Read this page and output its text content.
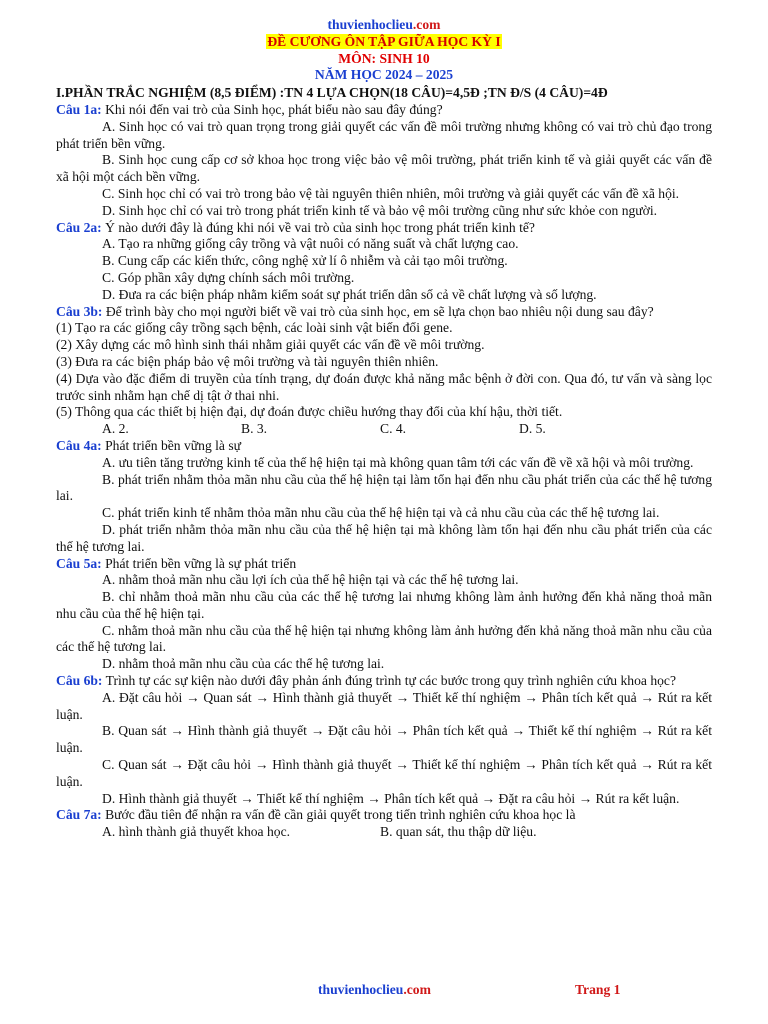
thuvienhoclieu.com
ĐỀ CƯƠNG ÔN TẬP GIỮA HỌC KỲ I
MÔN: SINH 10
NĂM HỌC 2024 – 2025
I.PHẦN TRẮC NGHIỆM (8,5 ĐIỂM) :TN 4 LỰA CHỌN(18 CÂU)=4,5Đ ;TN Đ/S (4 CÂU)=4Đ

Câu 1a: Khi nói đến vai trò của Sinh học, phát biểu nào sau đây đúng?

A. Sinh học có vai trò quan trọng trong giải quyết các vấn đề môi trường nhưng không có vai trò chủ đạo trong phát triển bền vững.

B. Sinh học cung cấp cơ sở khoa học trong việc bảo vệ môi trường, phát triển kinh tế và giải quyết các vấn đề xã hội một cách bền vững.

C. Sinh học chỉ có vai trò trong bảo vệ tài nguyên thiên nhiên, môi trường và giải quyết các vấn đề xã hội.

D. Sinh học chỉ có vai trò trong phát triển kinh tế và bảo vệ môi trường cũng như sức khỏe con người.

Câu 2a: Ý nào dưới đây là đúng khi nói về vai trò của sinh học trong phát triển kinh tế?

A. Tạo ra những giống cây trồng và vật nuôi có năng suất và chất lượng cao.

B. Cung cấp các kiến thức, công nghệ xử lí ô nhiễm và cải tạo môi trường.

C. Góp phần xây dựng chính sách môi trường.

D. Đưa ra các biện pháp nhằm kiểm soát sự phát triển dân số cả về chất lượng và số lượng.

Câu 3b: Để trình bày cho mọi người biết về vai trò của sinh học, em sẽ lựa chọn bao nhiêu nội dung sau đây?

(1) Tạo ra các giống cây trồng sạch bệnh, các loài sinh vật biến đổi gene.

(2) Xây dựng các mô hình sinh thái nhằm giải quyết các vấn đề về môi trường.

(3) Đưa ra các biện pháp bảo vệ môi trường và tài nguyên thiên nhiên.

(4) Dựa vào đặc điểm di truyền của tính trạng, dự đoán được khả năng mắc bệnh ở đời con. Qua đó, tư vấn và sàng lọc trước sinh nhằm hạn chế dị tật ở thai nhi.

(5) Thông qua các thiết bị hiện đại, dự đoán được chiều hướng thay đổi của khí hậu, thời tiết.

A. 2.	B. 3.	C. 4.	D. 5.

Câu 4a: Phát triển bền vững là sự

A. ưu tiên tăng trưởng kinh tế của thế hệ hiện tại mà không quan tâm tới các vấn đề về xã hội và môi trường.

B. phát triển nhằm thỏa mãn nhu cầu của thế hệ hiện tại làm tổn hại đến nhu cầu phát triển của các thế hệ tương lai.

C. phát triển kinh tế nhằm thỏa mãn nhu cầu của thế hệ hiện tại và cả nhu cầu của các thế hệ tương lai.

D. phát triển nhằm thỏa mãn nhu cầu của thế hệ hiện tại mà không làm tổn hại đến nhu cầu phát triển của các thế hệ tương lai.

Câu 5a: Phát triển bền vững là sự phát triển

A. nhằm thoả mãn nhu cầu lợi ích của thế hệ hiện tại và các thế hệ tương lai.

B. chỉ nhằm thoả mãn nhu cầu của các thế hệ tương lai nhưng không làm ảnh hưởng đến khả năng thoả mãn nhu cầu của thế hệ hiện tại.

C. nhằm thoả mãn nhu cầu của thế hệ hiện tại nhưng không làm ảnh hưởng đến khả năng thoả mãn nhu cầu của các thế hệ tương lai.

D. nhằm thoả mãn nhu cầu của các thế hệ tương lai.

Câu 6b: Trình tự các sự kiện nào dưới đây phản ánh đúng trình tự các bước trong quy trình nghiên cứu khoa học?

A. Đặt câu hỏi → Quan sát → Hình thành giả thuyết → Thiết kế thí nghiệm → Phân tích kết quả → Rút ra kết luận.

B. Quan sát → Hình thành giả thuyết → Đặt câu hỏi → Phân tích kết quả → Thiết kế thí nghiệm → Rút ra kết luận.

C. Quan sát → Đặt câu hỏi → Hình thành giả thuyết → Thiết kế thí nghiệm → Phân tích kết quả → Rút ra kết luận.

D. Hình thành giả thuyết → Thiết kế thí nghiệm → Phân tích kết quả → Đặt ra câu hỏi → Rút ra kết luận.

Câu 7a: Bước đầu tiên để nhận ra vấn đề cần giải quyết trong tiến trình nghiên cứu khoa học là

A. hình thành giả thuyết khoa học.	B. quan sát, thu thập dữ liệu.
thuvienhoclieu.com	Trang 1
